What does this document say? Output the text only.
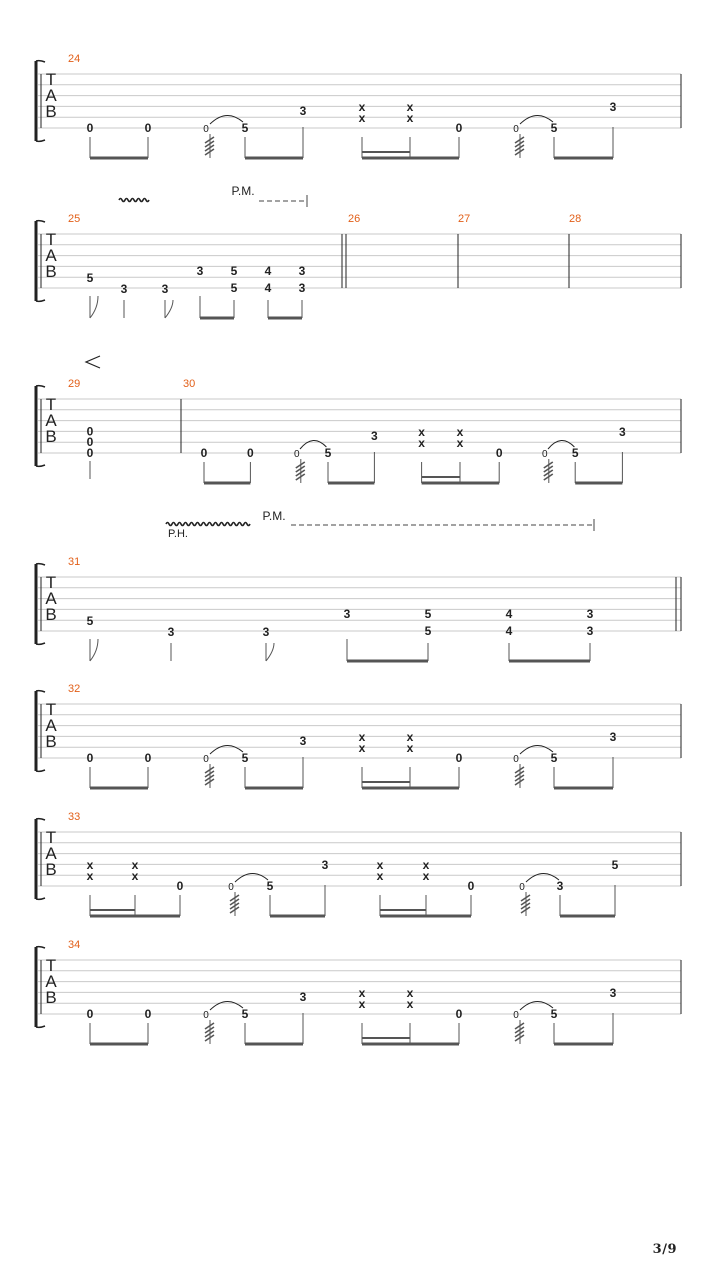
T
A
B
24
0	0	0	5
3	x
x
x
x
0	0	5
3
T
A
B
P.M.
25
5
3	3
3 5
5
4
4
3
3
26	27	28
T
A
B
29
0
0
0
30
0	0	0 5
3	x
x
x
x
0	0 5
3
T
A
B
P.H.
P.M.
31
5
3	3
3	5
5
4
4
3
3
T
A
B
32
0	0	0	5
3	x
x
x
x
0	0	5
3
T
A
B
33
x
x
x
x
0	0	5
3	x
x
x
x
0	0	3
5
T
A
B
34
0	0	0	5
3	x
x
x
x
0	0	5
3
3/9
